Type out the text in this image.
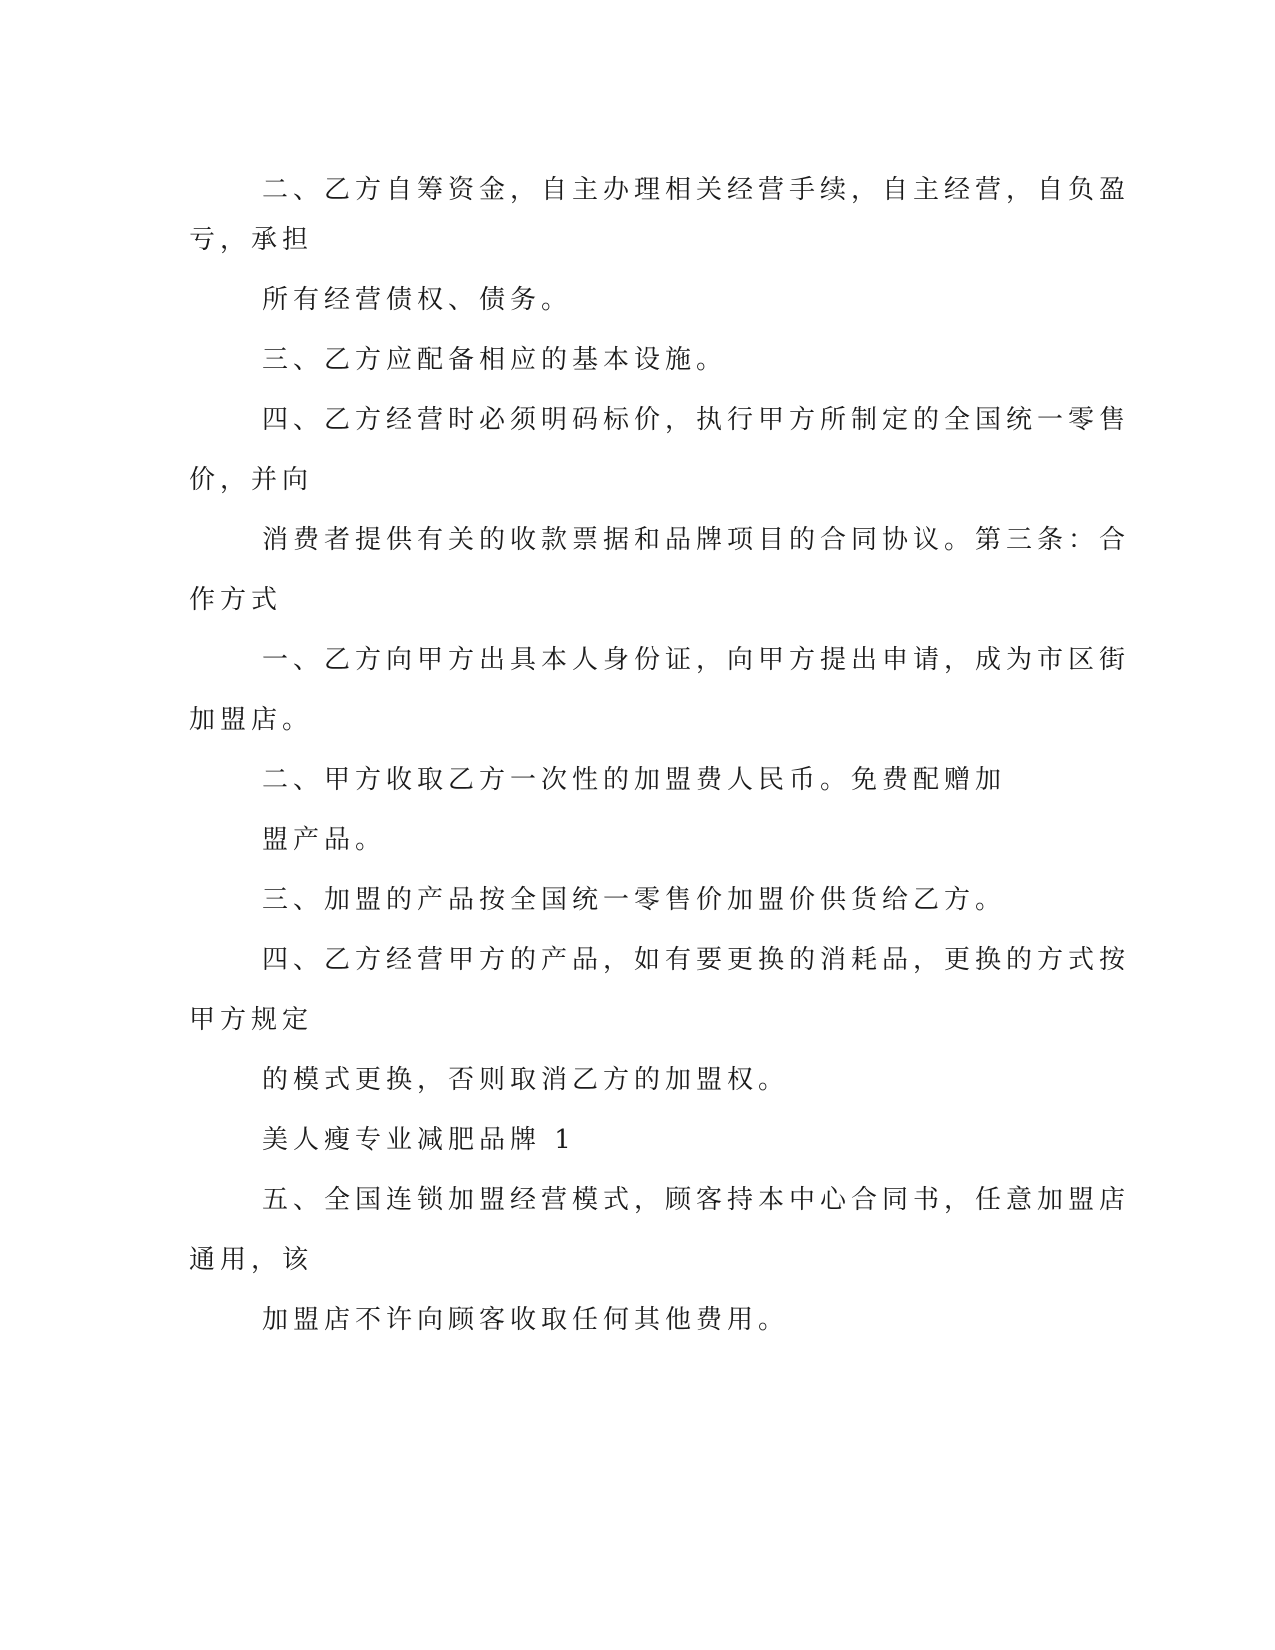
二、乙方自筹资金，自主办理相关经营手续，自主经营，自负盈

亏，承担

所有经营债权、债务。

三、乙方应配备相应的基本设施。

四、乙方经营时必须明码标价，执行甲方所制定的全国统一零售

价，并向

消费者提供有关的收款票据和品牌项目的合同协议。第三条：合

作方式

一、乙方向甲方出具本人身份证，向甲方提出申请，成为市区街

加盟店。

二、甲方收取乙方一次性的加盟费人民币。免费配赠加

盟产品。

三、加盟的产品按全国统一零售价加盟价供货给乙方。

四、乙方经营甲方的产品，如有要更换的消耗品，更换的方式按

甲方规定

的模式更换，否则取消乙方的加盟权。

美人瘦专业减肥品牌 1

五、全国连锁加盟经营模式，顾客持本中心合同书，任意加盟店

通用，该

加盟店不许向顾客收取任何其他费用。
